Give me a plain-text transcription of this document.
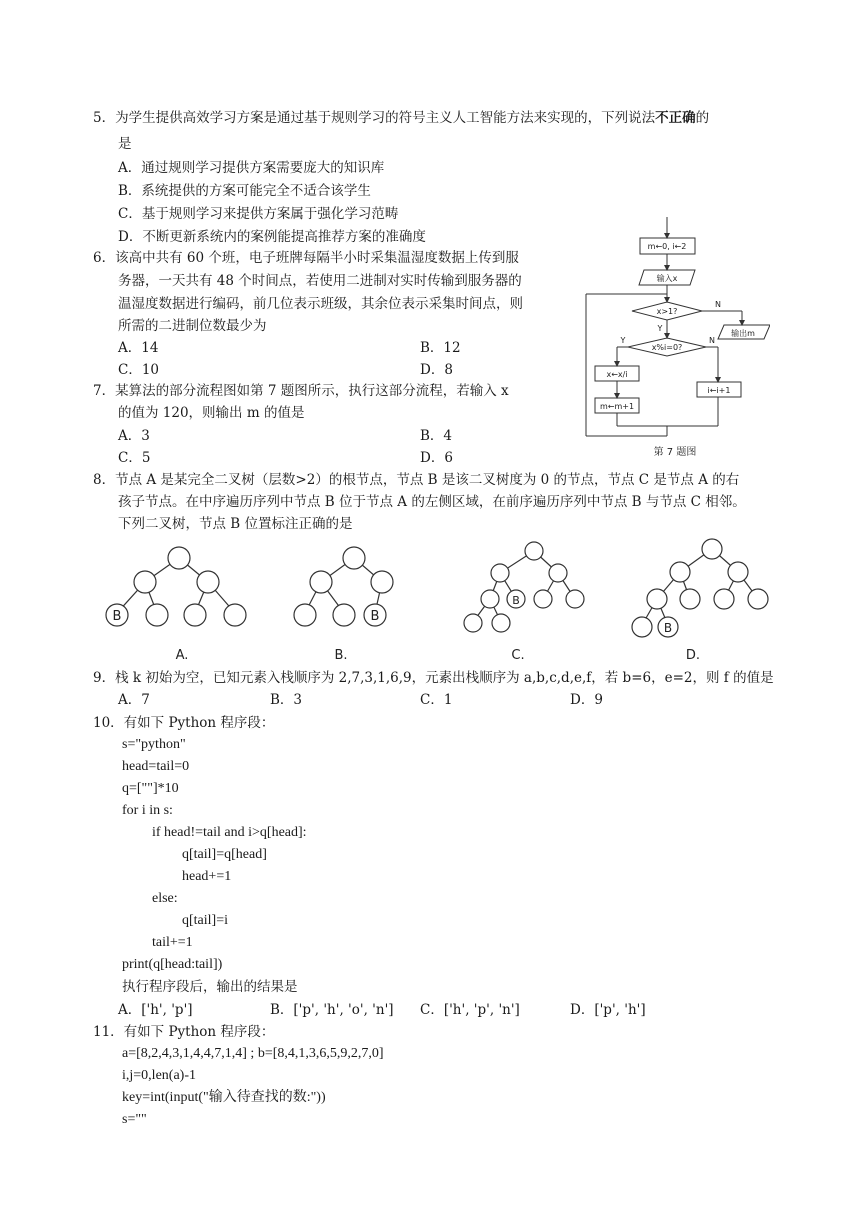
5．为学生提供高效学习方案是通过基于规则学习的符号主义人工智能方法来实现的，下列说法不正确的
是
A．通过规则学习提供方案需要庞大的知识库
B．系统提供的方案可能完全不适合该学生
C．基于规则学习来提供方案属于强化学习范畴
D．不断更新系统内的案例能提高推荐方案的准确度
6．该高中共有 60 个班，电子班牌每隔半小时采集温湿度数据上传到服
务器，一天共有 48 个时间点，若使用二进制对实时传输到服务器的
温湿度数据进行编码，前几位表示班级，其余位表示采集时间点，则
所需的二进制位数最少为
A．14	B．12
C．10	D．8
7．某算法的部分流程图如第 7 题图所示，执行这部分流程，若输入 x
的值为 120，则输出 m 的值是
A．3	B．4
C．5	D．6
m←0, i←2
输入x
x>1?
x%i=0?
输出m
x←x/i
m←m+1
i←i+1
N
Y
Y	N
第 7 题图
8．节点 A 是某完全二叉树（层数>2）的根节点，节点 B 是该二叉树度为 0 的节点，节点 C 是节点 A 的右
孩子节点。在中序遍历序列中节点 B 位于节点 A 的左侧区域，在前序遍历序列中节点 B 与节点 C 相邻。
下列二叉树，节点 B 位置标注正确的是
B	B
B
B
A.	B.	C.	D.
9．栈 k 初始为空，已知元素入栈顺序为 2,7,3,1,6,9，元素出栈顺序为 a,b,c,d,e,f，若 b=6，e=2，则 f 的值是
A．7	B．3	C．1	D．9
10．有如下 Python 程序段：
s="python"
head=tail=0
q=[""]*10
for i in s:
if head!=tail and i>q[head]:
q[tail]=q[head]
head+=1
else:
q[tail]=i
tail+=1
print(q[head:tail])
执行程序段后，输出的结果是
A．['h', 'p']	B．['p', 'h', 'o', 'n'] C．['h', 'p', 'n']	D．['p', 'h']
11．有如下 Python 程序段：
a=[8,2,4,3,1,4,4,7,1,4] ; b=[8,4,1,3,6,5,9,2,7,0]
i,j=0,len(a)-1
key=int(input("输入待查找的数:"))
s=""
